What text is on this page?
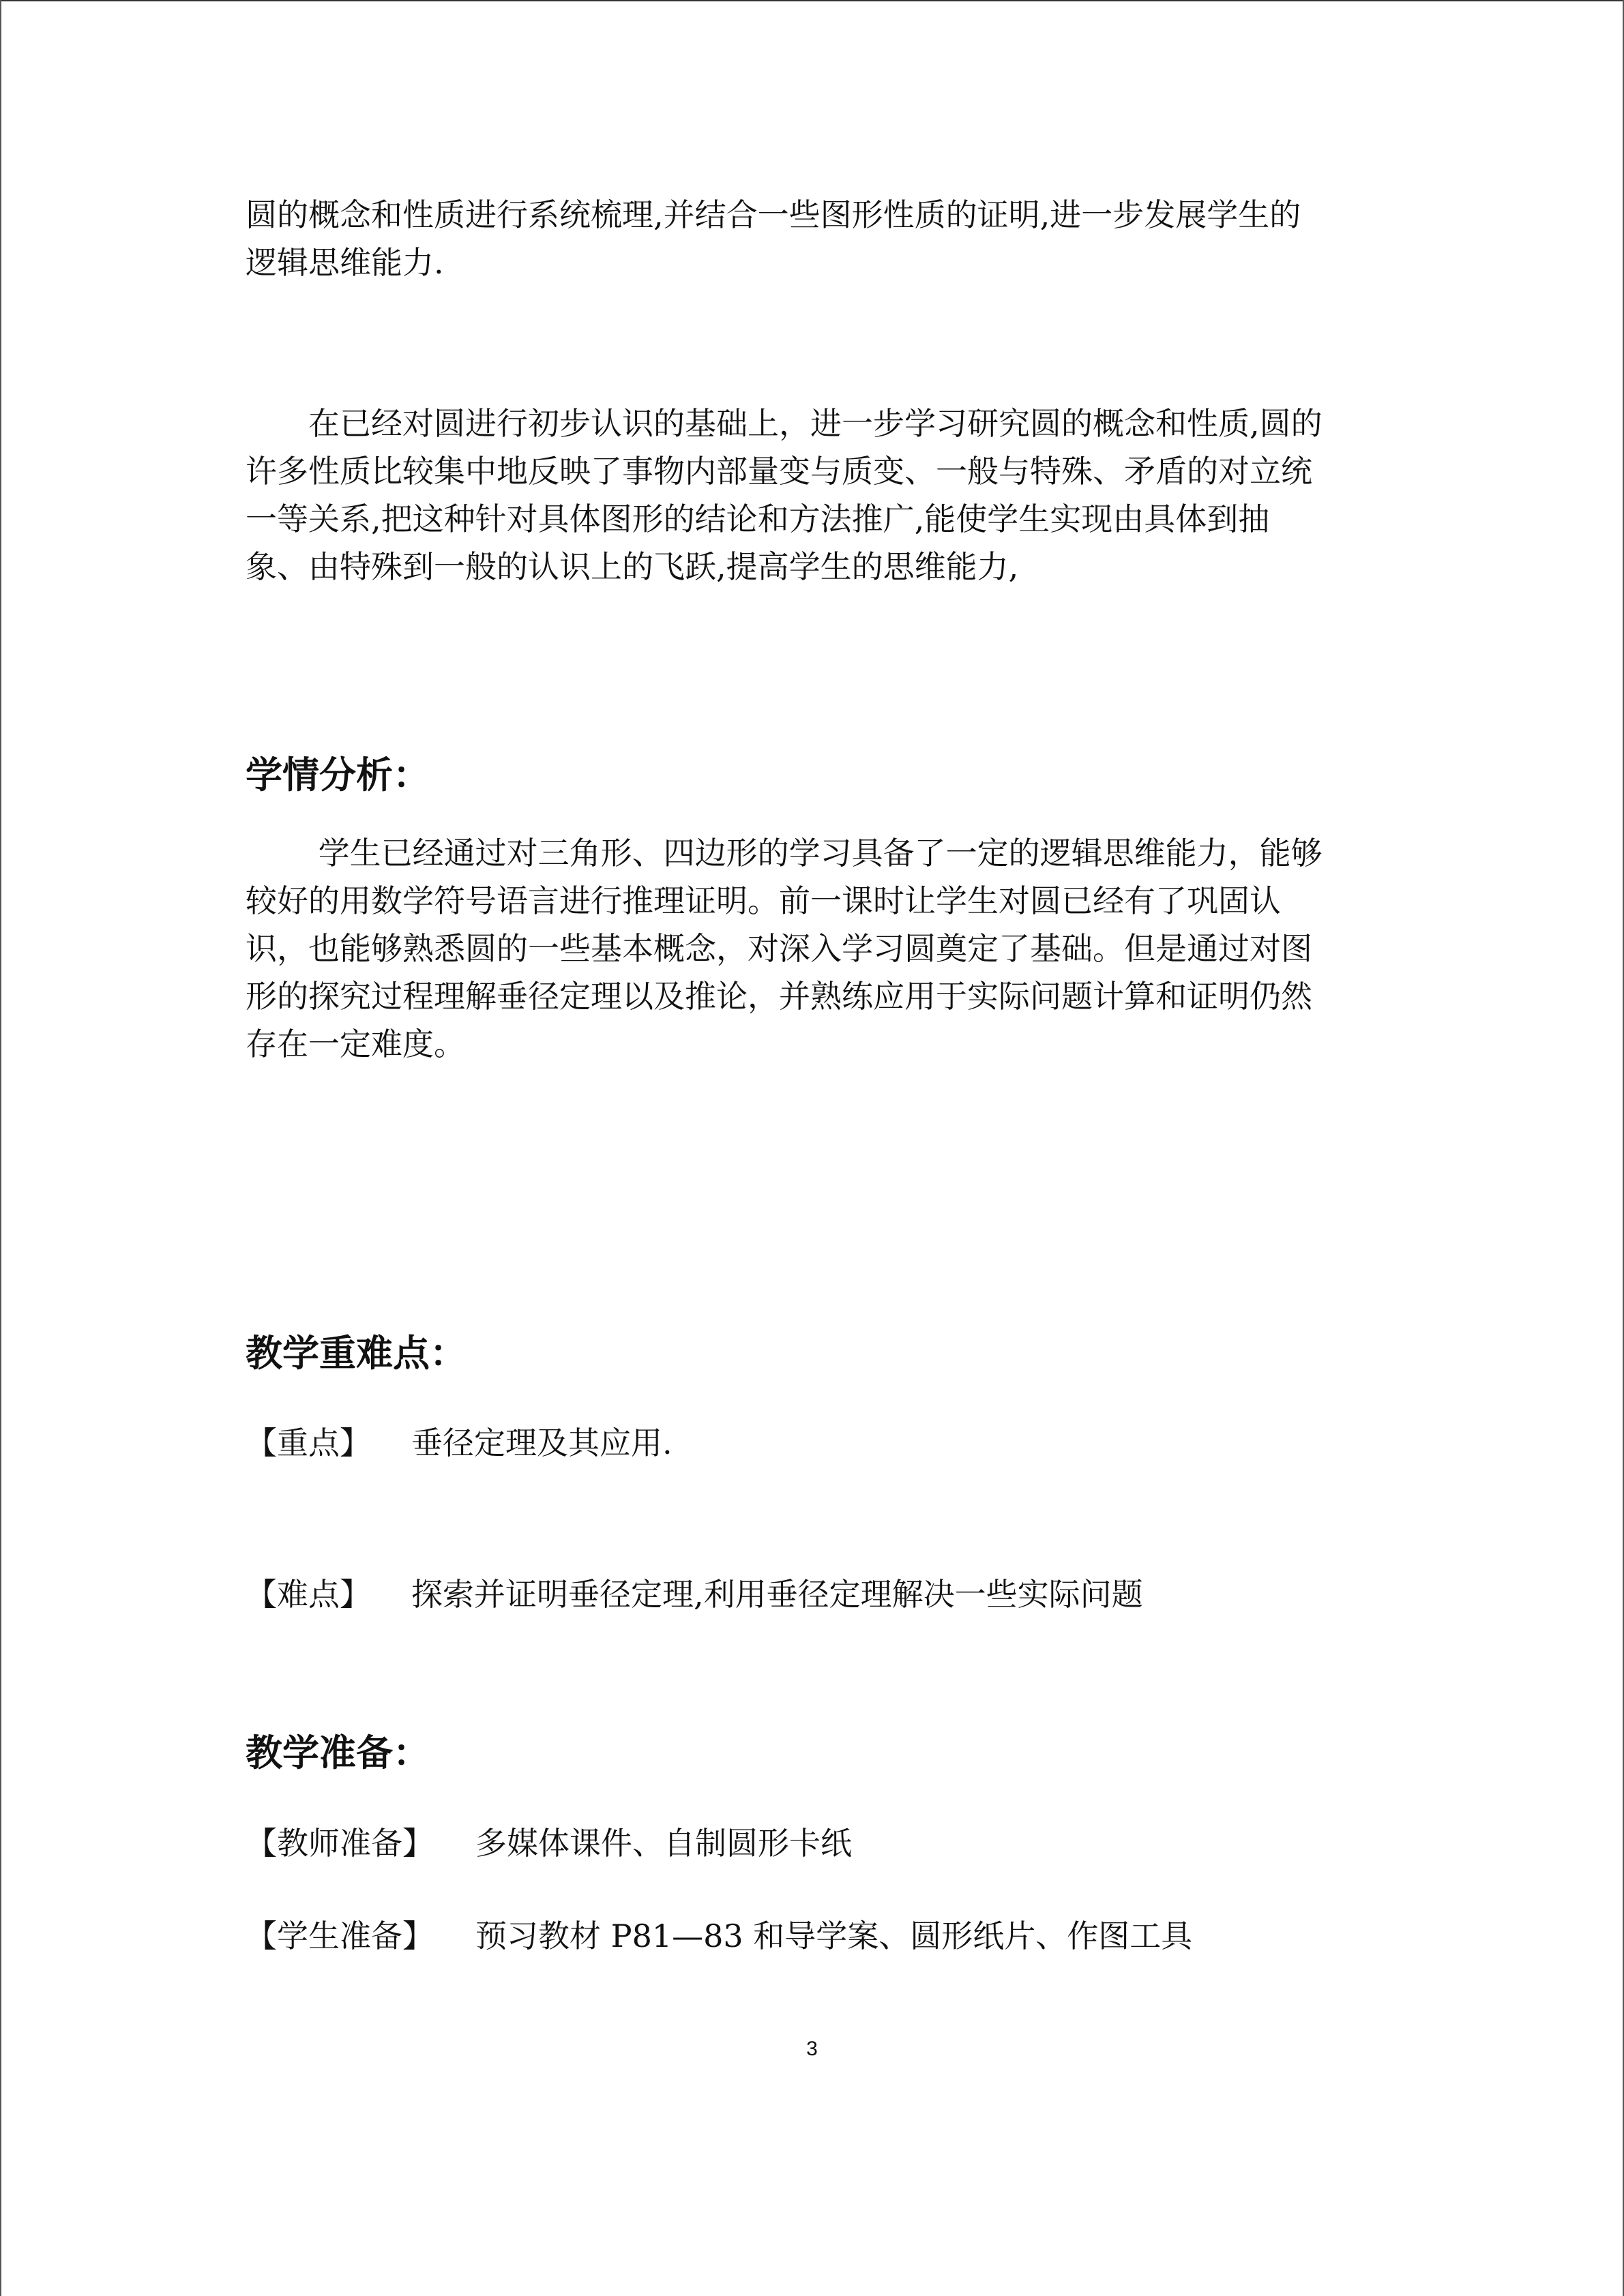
圆的概念和性质进行系统梳理,并结合一些图形性质的证明,进一步发展学生的

逻辑思维能力.

　　在已经对圆进行初步认识的基础上，进一步学习研究圆的概念和性质,圆的

许多性质比较集中地反映了事物内部量变与质变、一般与特殊、矛盾的对立统

一等关系,把这种针对具体图形的结论和方法推广,能使学生实现由具体到抽

象、由特殊到一般的认识上的飞跃,提高学生的思维能力,

学情分析：

　　 学生已经通过对三角形、四边形的学习具备了一定的逻辑思维能力，能够

较好的用数学符号语言进行推理证明。前一课时让学生对圆已经有了巩固认

识，也能够熟悉圆的一些基本概念，对深入学习圆奠定了基础。但是通过对图

形的探究过程理解垂径定理以及推论，并熟练应用于实际问题计算和证明仍然

存在一定难度。

教学重难点：
【重点】	垂径定理及其应用.
【难点】	探索并证明垂径定理,利用垂径定理解决一些实际问题
教学准备：
【教师准备】	多媒体课件、自制圆形卡纸
【学生准备】	预习教材 P81—83 和导学案、圆形纸片、作图工具
3
